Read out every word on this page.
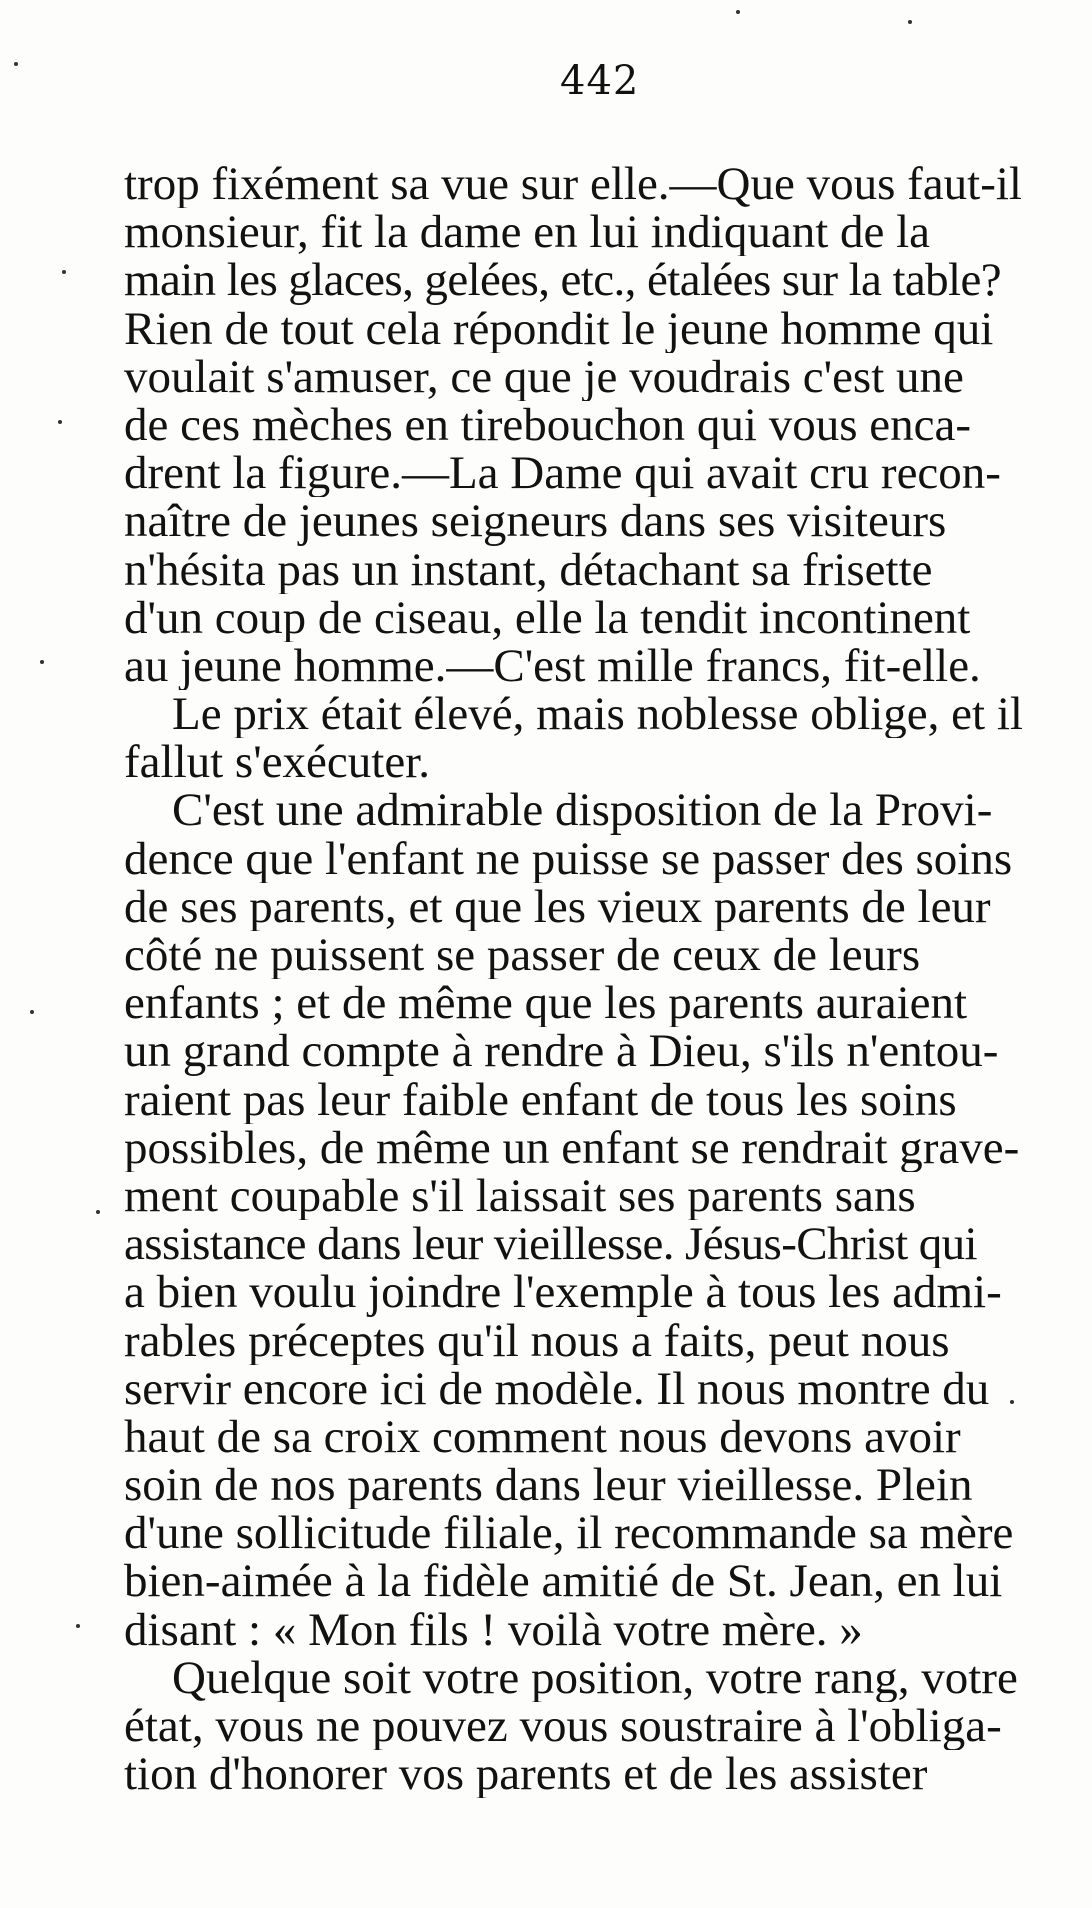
442
trop fixément sa vue sur elle.—Que vous faut-il
monsieur, fit la dame en lui indiquant de la
main les glaces, gelées, etc., étalées sur la table?
Rien de tout cela répondit le jeune homme qui
voulait s'amuser, ce que je voudrais c'est une
de ces mèches en tirebouchon qui vous enca-
drent la figure.—La Dame qui avait cru recon-
naître de jeunes seigneurs dans ses visiteurs
n'hésita pas un instant, détachant sa frisette
d'un coup de ciseau, elle la tendit incontinent
au jeune homme.—C'est mille francs, fit-elle.
Le prix était élevé, mais noblesse oblige, et il
fallut s'exécuter.
C'est une admirable disposition de la Provi-
dence que l'enfant ne puisse se passer des soins
de ses parents, et que les vieux parents de leur
côté ne puissent se passer de ceux de leurs
enfants ; et de même que les parents auraient
un grand compte à rendre à Dieu, s'ils n'entou-
raient pas leur faible enfant de tous les soins
possibles, de même un enfant se rendrait grave-
ment coupable s'il laissait ses parents sans
assistance dans leur vieillesse. Jésus-Christ qui
a bien voulu joindre l'exemple à tous les admi-
rables préceptes qu'il nous a faits, peut nous
servir encore ici de modèle. Il nous montre du
haut de sa croix comment nous devons avoir
soin de nos parents dans leur vieillesse. Plein
d'une sollicitude filiale, il recommande sa mère
bien-aimée à la fidèle amitié de St. Jean, en lui
disant : « Mon fils ! voilà votre mère. »
Quelque soit votre position, votre rang, votre
état, vous ne pouvez vous soustraire à l'obliga-
tion d'honorer vos parents et de les assister
